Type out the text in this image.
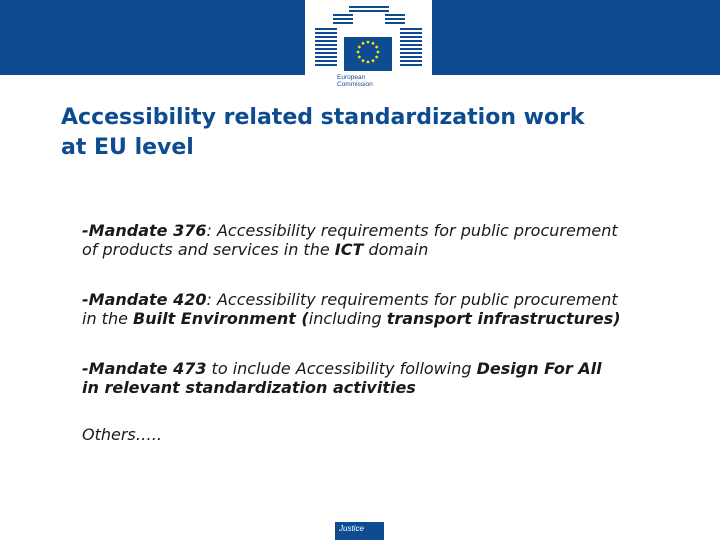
European
Commission
Accessibility related standardization work
at EU level
-Mandate 376: Accessibility requirements for public procurement
of products and services in the ICT domain
-Mandate 420: Accessibility requirements for public procurement
in the Built Environment (including transport infrastructures)
-Mandate 473 to include Accessibility following Design For All
in relevant standardization activities
Others…..
Justice
